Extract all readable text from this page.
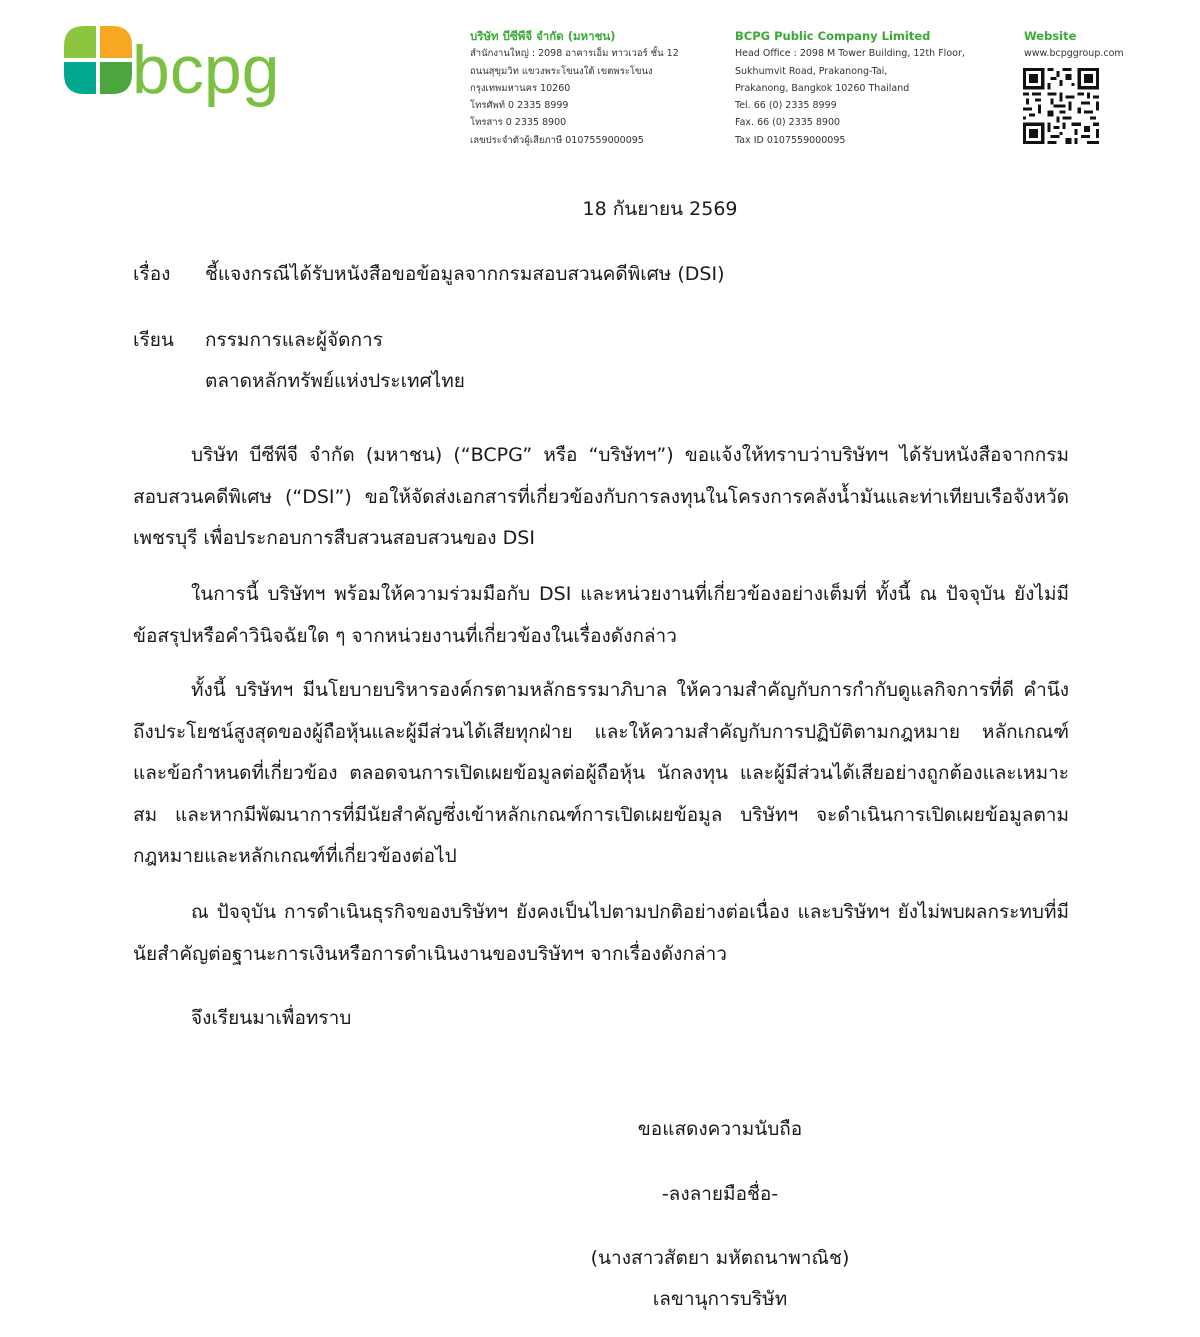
bcpg	บริษัท บีซีพีจี จำกัด (มหาชน)
สำนักงานใหญ่ : 2098 อาคารเอ็ม ทาวเวอร์ ชั้น 12
ถนนสุขุมวิท แขวงพระโขนงใต้ เขตพระโขนง
กรุงเทพมหานคร 10260
โทรศัพท์ 0 2335 8999
โทรสาร 0 2335 8900
เลขประจำตัวผู้เสียภาษี 0107559000095
BCPG Public Company Limited
Head Office : 2098 M Tower Building, 12th Floor,
Sukhumvit Road, Prakanong-Tai,
Prakanong, Bangkok 10260 Thailand
Tel. 66 (0) 2335 8999
Fax. 66 (0) 2335 8900
Tax ID 0107559000095
Website
www.bcpggroup.com
18 กันยายน 2569
เรื่อง ชี้แจงกรณีได้รับหนังสือขอข้อมูลจากกรมสอบสวนคดีพิเศษ (DSI)
เรียน กรรมการและผู้จัดการ
ตลาดหลักทรัพย์แห่งประเทศไทย

บริษัท บีซีพีจี จำกัด (มหาชน) (“BCPG” หรือ “บริษัทฯ”) ขอแจ้งให้ทราบว่าบริษัทฯ ได้รับหนังสือจากกรมสอบสวนคดีพิเศษ (“DSI”) ขอให้จัดส่งเอกสารที่เกี่ยวข้องกับการลงทุนในโครงการคลังน้ำมันและท่าเทียบเรือจังหวัดเพชรบุรี เพื่อประกอบการสืบสวนสอบสวนของ DSI

ในการนี้ บริษัทฯ พร้อมให้ความร่วมมือกับ DSI และหน่วยงานที่เกี่ยวข้องอย่างเต็มที่ ทั้งนี้ ณ ปัจจุบัน ยังไม่มีข้อสรุปหรือคำวินิจฉัยใด ๆ จากหน่วยงานที่เกี่ยวข้องในเรื่องดังกล่าว

ทั้งนี้ บริษัทฯ มีนโยบายบริหารองค์กรตามหลักธรรมาภิบาล ให้ความสำคัญกับการกำกับดูแลกิจการที่ดี คำนึงถึงประโยชน์สูงสุดของผู้ถือหุ้นและผู้มีส่วนได้เสียทุกฝ่าย และให้ความสำคัญกับการปฏิบัติตามกฎหมาย หลักเกณฑ์ และข้อกำหนดที่เกี่ยวข้อง ตลอดจนการเปิดเผยข้อมูลต่อผู้ถือหุ้น นักลงทุน และผู้มีส่วนได้เสียอย่างถูกต้องและเหมาะสม และหากมีพัฒนาการที่มีนัยสำคัญซึ่งเข้าหลักเกณฑ์การเปิดเผยข้อมูล บริษัทฯ จะดำเนินการเปิดเผยข้อมูลตามกฎหมายและหลักเกณฑ์ที่เกี่ยวข้องต่อไป

ณ ปัจจุบัน การดำเนินธุรกิจของบริษัทฯ ยังคงเป็นไปตามปกติอย่างต่อเนื่อง และบริษัทฯ ยังไม่พบผลกระทบที่มีนัยสำคัญต่อฐานะการเงินหรือการดำเนินงานของบริษัทฯ จากเรื่องดังกล่าว

จึงเรียนมาเพื่อทราบ

ขอแสดงความนับถือ
-ลงลายมือชื่อ-
(นางสาวสัตยา มหัตถนาพาณิช)
เลขานุการบริษัท
